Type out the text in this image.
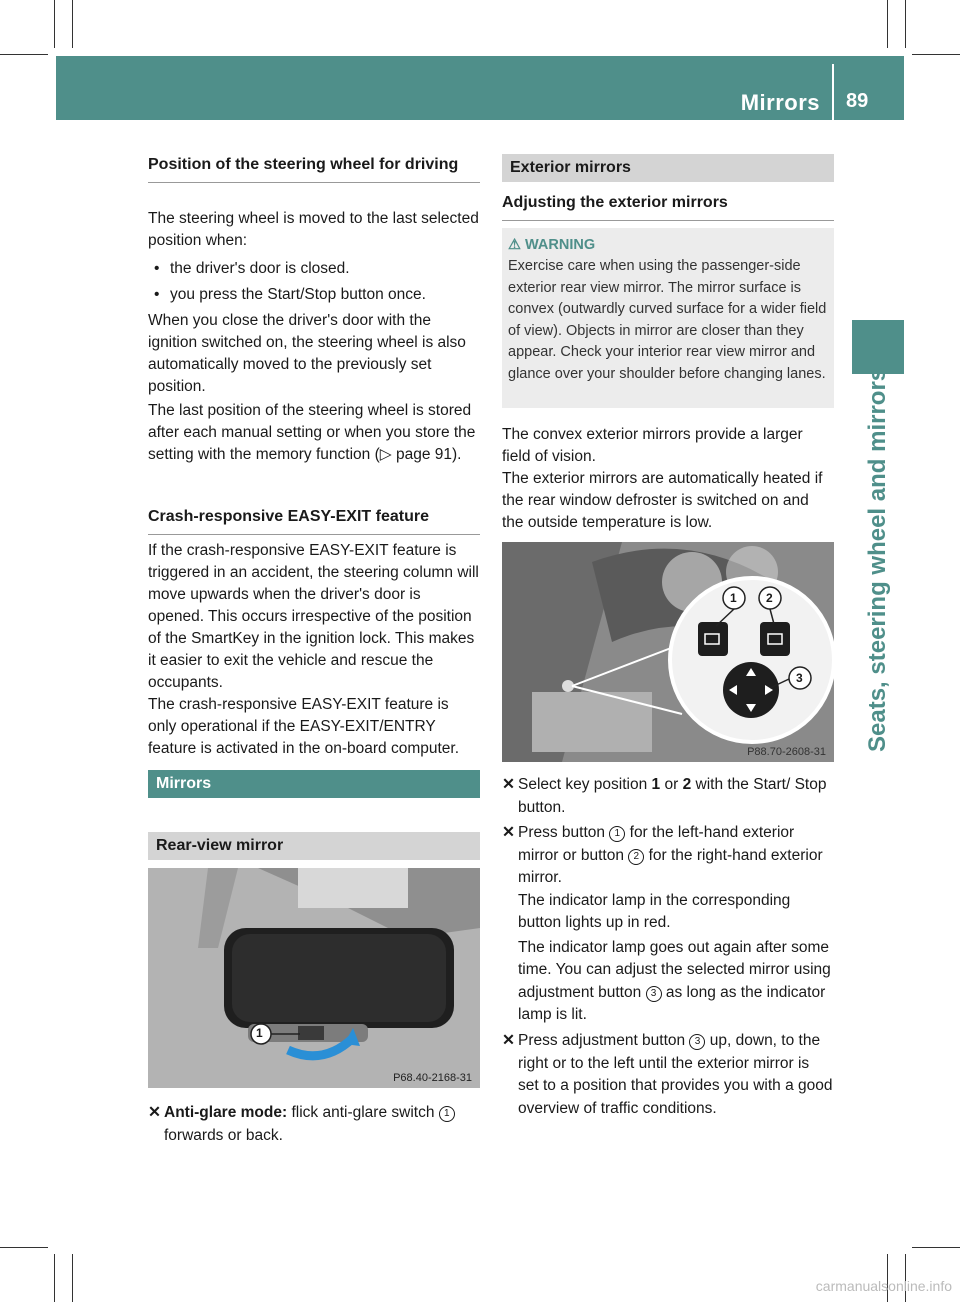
Mirrors 89
Seats, steering wheel and mirrors
Position of the steering wheel for driving

The steering wheel is moved to the last selected position when:

• the driver's door is closed.
• you press the Start/Stop button once.

When you close the driver's door with the ignition switched on, the steering wheel is also automatically moved to the previously set position.

The last position of the steering wheel is stored after each manual setting or when you store the setting with the memory function (▷ page 91).

Crash-responsive EASY-EXIT feature

If the crash-responsive EASY-EXIT feature is triggered in an accident, the steering column will move upwards when the driver's door is opened. This occurs irrespective of the position of the SmartKey in the ignition lock. This makes it easier to exit the vehicle and rescue the occupants.

The crash-responsive EASY-EXIT feature is only operational if the EASY-EXIT/ENTRY feature is activated in the on-board computer.

Mirrors
Rear-view mirror
1
P68.40-2168-31
✕ Anti-glare mode: flick anti-glare switch 1 forwards or back.
Exterior mirrors
Adjusting the exterior mirrors
⚠ WARNING
Exercise care when using the passenger-side exterior rear view mirror. The mirror surface is convex (outwardly curved surface for a wider field of view). Objects in mirror are closer than they appear. Check your interior rear view mirror and glance over your shoulder before changing lanes.

The convex exterior mirrors provide a larger field of vision.

The exterior mirrors are automatically heated if the rear window defroster is switched on and the outside temperature is low.

1 2
3
P88.70-2608-31
✕ Select key position 1 or 2 with the Start/ Stop button.
✕ Press button 1 for the left-hand exterior mirror or button 2 for the right-hand exterior mirror.
The indicator lamp in the corresponding button lights up in red.
The indicator lamp goes out again after some time. You can adjust the selected mirror using adjustment button 3 as long as the indicator lamp is lit.
✕ Press adjustment button 3 up, down, to the right or to the left until the exterior mirror is set to a position that provides you with a good overview of traffic conditions.
carmanualsonline.info
